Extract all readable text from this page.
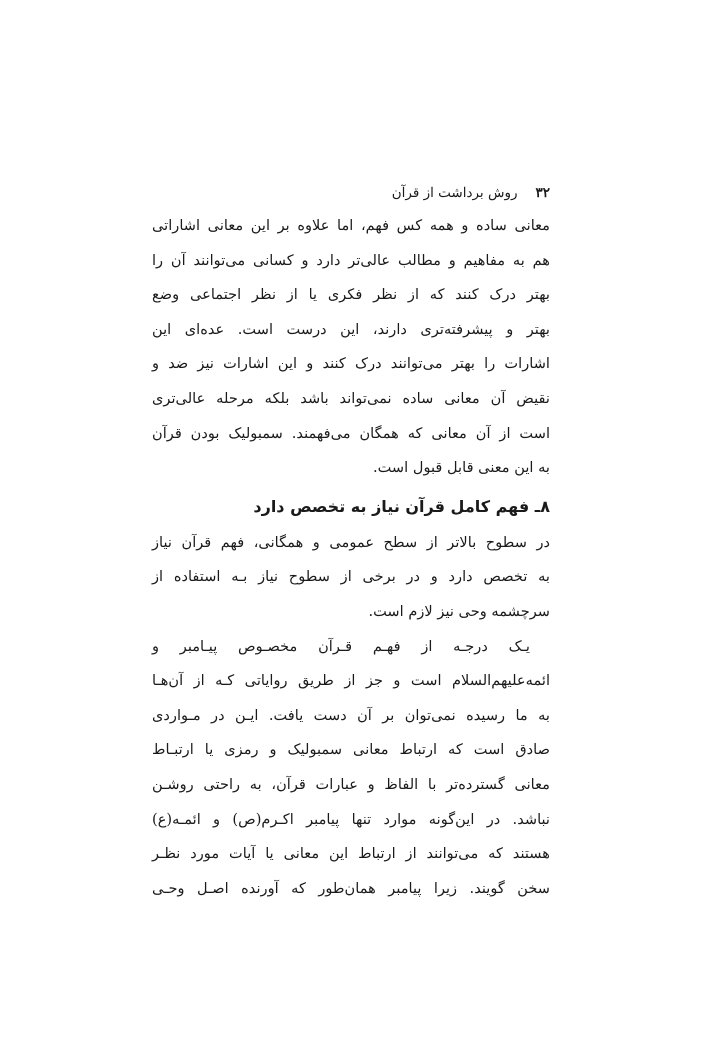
۳۲
روش برداشت از قرآن

معانی ساده و همه کس فهم، اما علاوه بر این معانی اشاراتی
هم به مفاهیم و مطالب عالی‌تر دارد و کسانی می‌توانند آن را
بهتر درک کنند که از نظر فکری یا از نظر اجتماعی وضع
بهتر و پیشرفته‌تری دارند، این درست است. عده‌ای این
اشارات را بهتر می‌توانند درک کنند و این اشارات نیز ضد و
نقیض آن معانی ساده نمی‌تواند باشد بلکه مرحله عالی‌تری
است از آن معانی که همگان می‌فهمند. سمبولیک بودن قرآن
به این معنی قابل قبول است.

۸ـ فهم کامل قرآن نیاز به تخصص دارد

در سطوح بالاتر از سطح عمومی و همگانی، فهم قرآن نیاز
به تخصص دارد و در برخی از سطوح نیاز بـه استفاده از
سرچشمه وحی نیز لازم است.

یـک درجـه از فهـم قـرآن مخصـوص پیـامبر و
ائمه‌علیهم‌السلام است و جز از طریق روایاتی کـه از آن‌هـا
به ما رسیده نمی‌توان بر آن دست یافت. ایـن در مـواردی
صادق است که ارتباط معانی سمبولیک و رمزی یا ارتبـاط
معانی گسترده‌تر با الفاظ و عبارات قرآن، به راحتی روشـن
نباشد. در این‌گونه موارد تنها پیامبر اکـرم(ص) و ائمـه(ع)
هستند که می‌توانند از ارتباط این معانی یا آیات مورد نظـر
سخن گویند. زیرا پیامبر همان‌طور که آورنده اصـل وحـی
